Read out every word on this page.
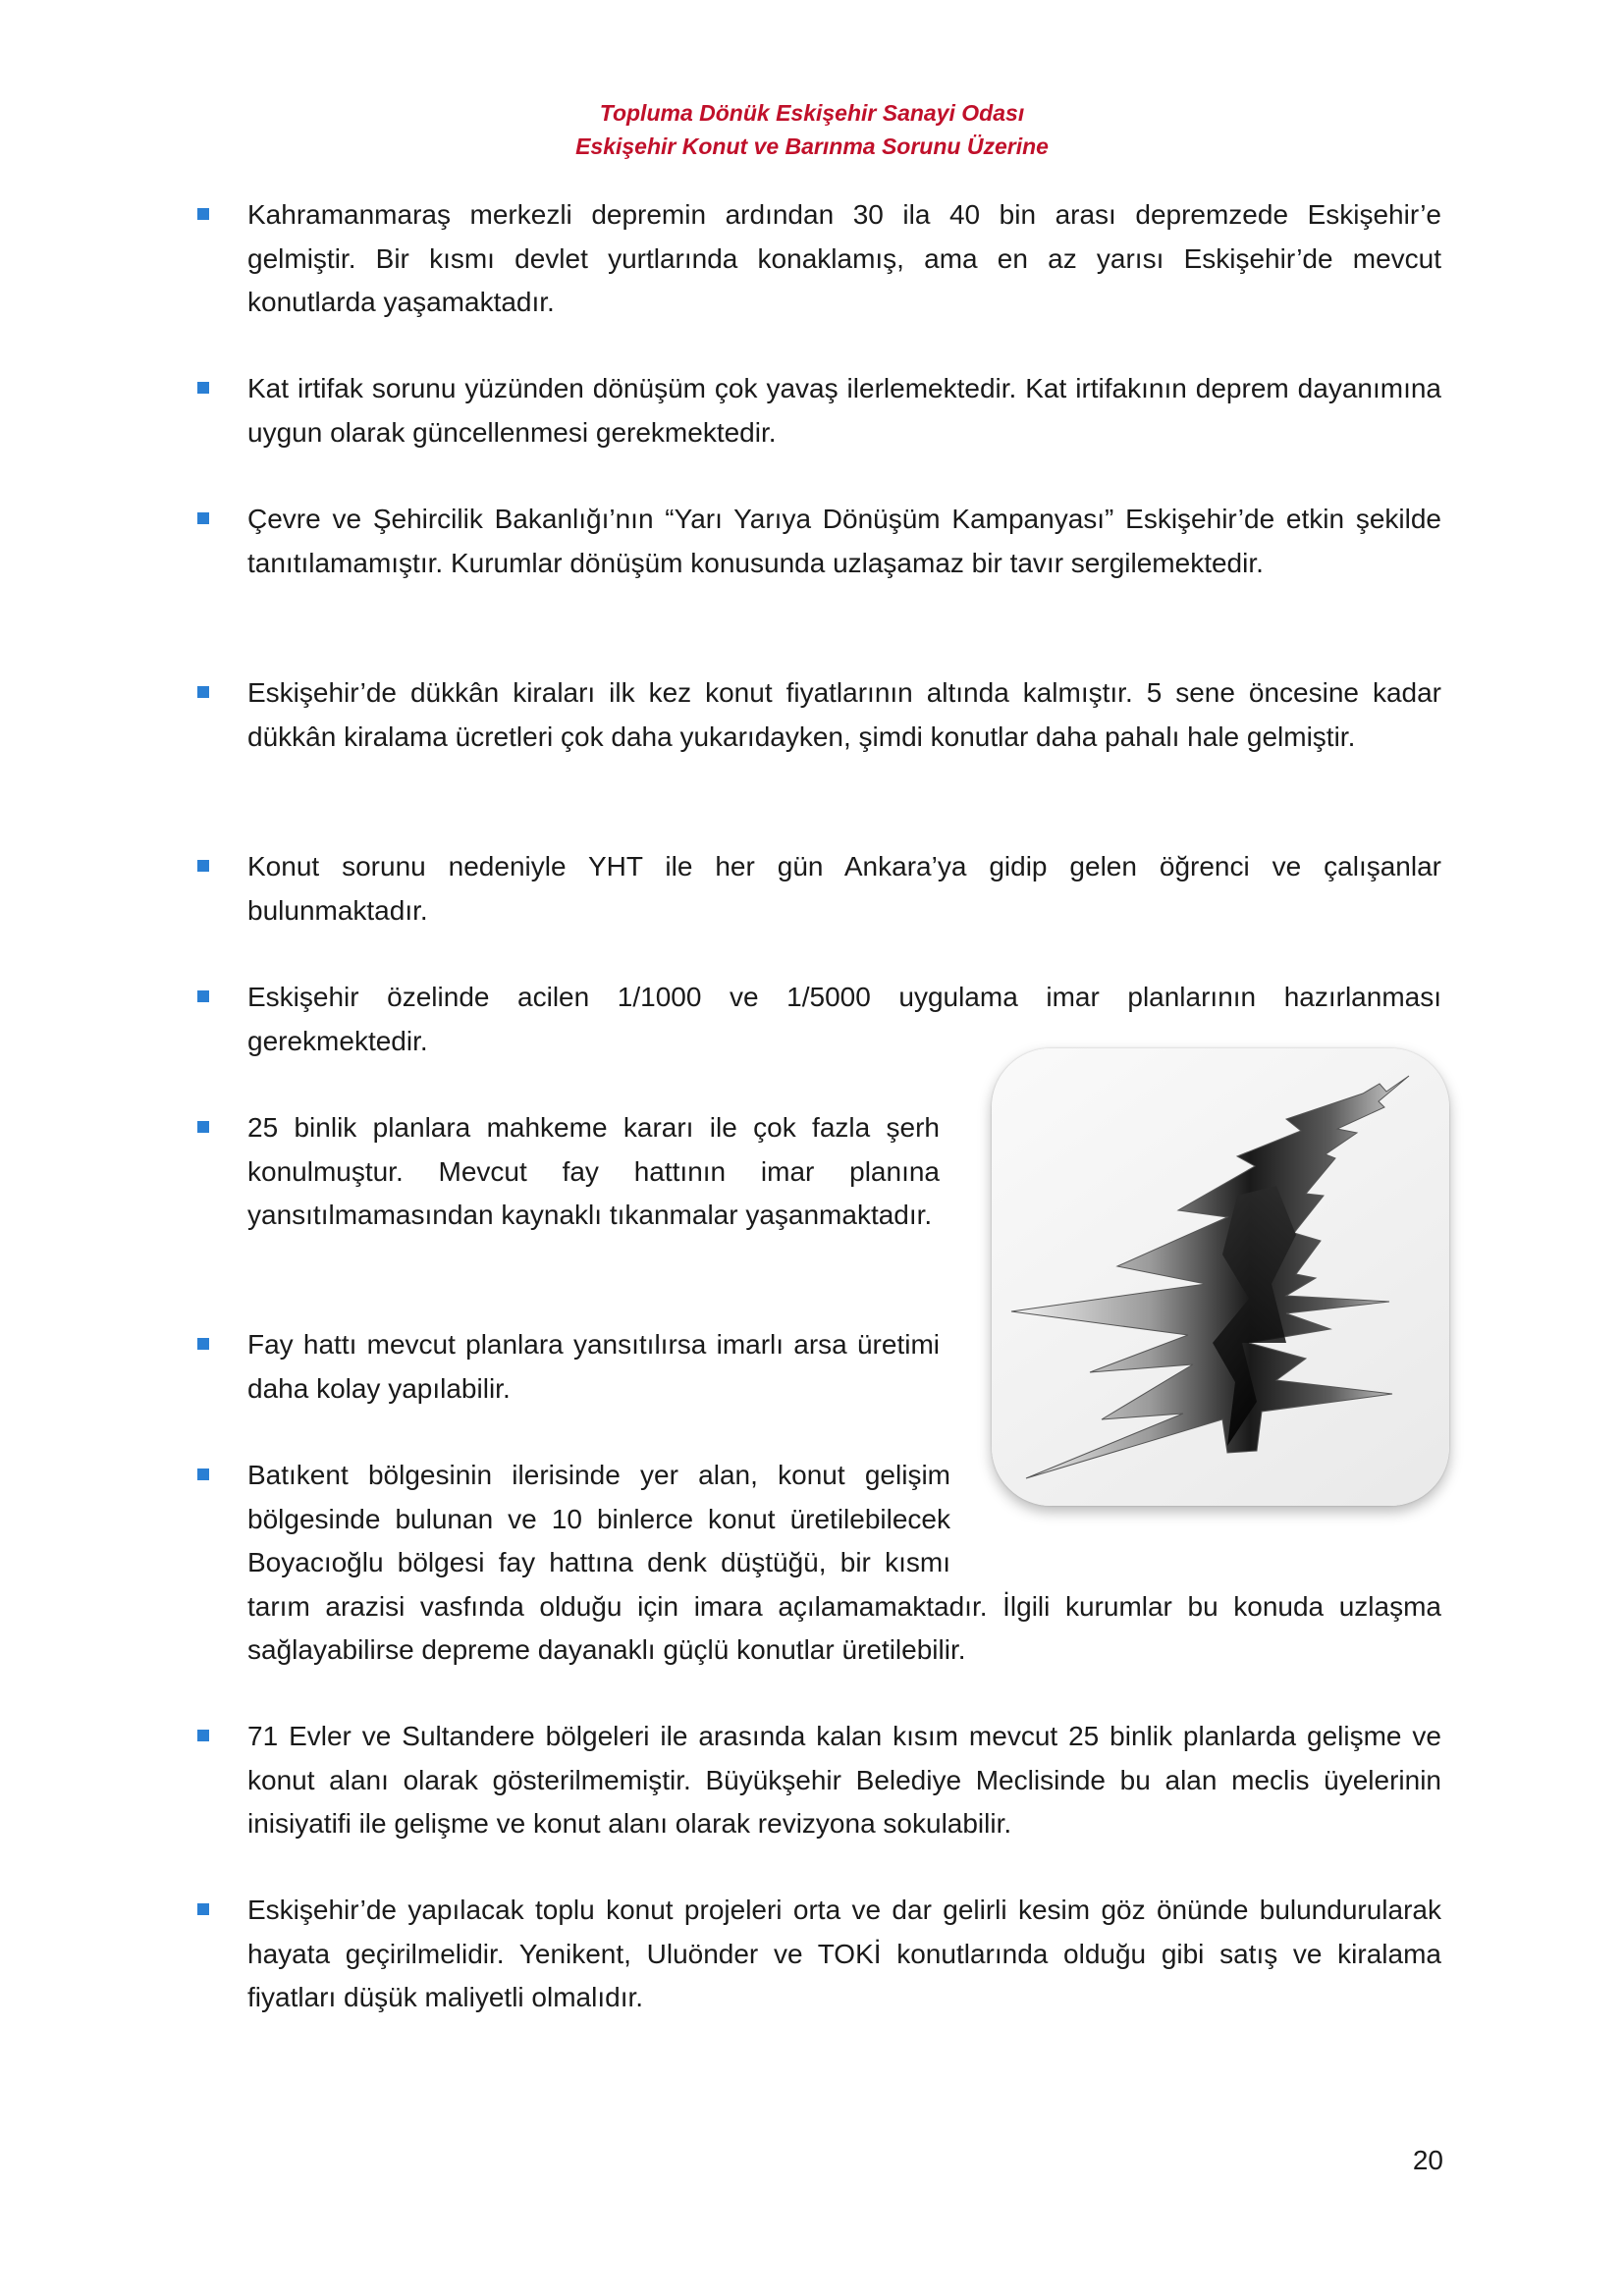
Topluma Dönük Eskişehir Sanayi Odası
Eskişehir Konut ve Barınma Sorunu Üzerine
Kahramanmaraş merkezli depremin ardından 30 ila 40 bin arası depremzede Eskişehir’e gelmiştir. Bir kısmı devlet yurtlarında konaklamış, ama en az yarısı Eskişehir’de mevcut konutlarda yaşamaktadır.
Kat irtifak sorunu yüzünden dönüşüm çok yavaş ilerlemektedir. Kat irtifakının deprem dayanımına uygun olarak güncellenmesi gerekmektedir.
Çevre ve Şehircilik Bakanlığı’nın “Yarı Yarıya Dönüşüm Kampanyası” Eskişehir’de etkin şekilde tanıtılamamıştır. Kurumlar dönüşüm konusunda uzlaşamaz bir tavır sergilemektedir.
Eskişehir’de dükkân kiraları ilk kez konut fiyatlarının altında kalmıştır. 5 sene öncesine kadar dükkân kiralama ücretleri çok daha yukarıdayken, şimdi konutlar daha pahalı hale gelmiştir.
Konut sorunu nedeniyle YHT ile her gün Ankara’ya gidip gelen öğrenci ve çalışanlar bulunmaktadır.
Eskişehir özelinde acilen 1/1000 ve 1/5000 uygulama imar planlarının hazırlanması gerekmektedir.
25 binlik planlara mahkeme kararı ile çok fazla şerh konulmuştur. Mevcut fay hattının imar planına yansıtılmamasından kaynaklı tıkanmalar yaşanmaktadır.
Fay hattı mevcut planlara yansıtılırsa imarlı arsa üretimi daha kolay yapılabilir.
Batıkent bölgesinin ilerisinde yer alan, konut gelişim bölgesinde bulunan ve 10 binlerce konut üretilebilecek Boyacıoğlu bölgesi fay hattına denk düştüğü, bir kısmı tarım arazisi vasfında olduğu için imara açılamamaktadır. İlgili kurumlar bu konuda uzlaşma sağlayabilirse depreme dayanaklı güçlü konutlar üretilebilir.
71 Evler ve Sultandere bölgeleri ile arasında kalan kısım mevcut 25 binlik planlarda gelişme ve konut alanı olarak gösterilmemiştir. Büyükşehir Belediye Meclisinde bu alan meclis üyelerinin inisiyatifi ile gelişme ve konut alanı olarak revizyona sokulabilir.
Eskişehir’de yapılacak toplu konut projeleri orta ve dar gelirli kesim göz önünde bulundurularak hayata geçirilmelidir. Yenikent, Uluönder ve TOKİ konutlarında olduğu gibi satış ve kiralama fiyatları düşük maliyetli olmalıdır.
20
